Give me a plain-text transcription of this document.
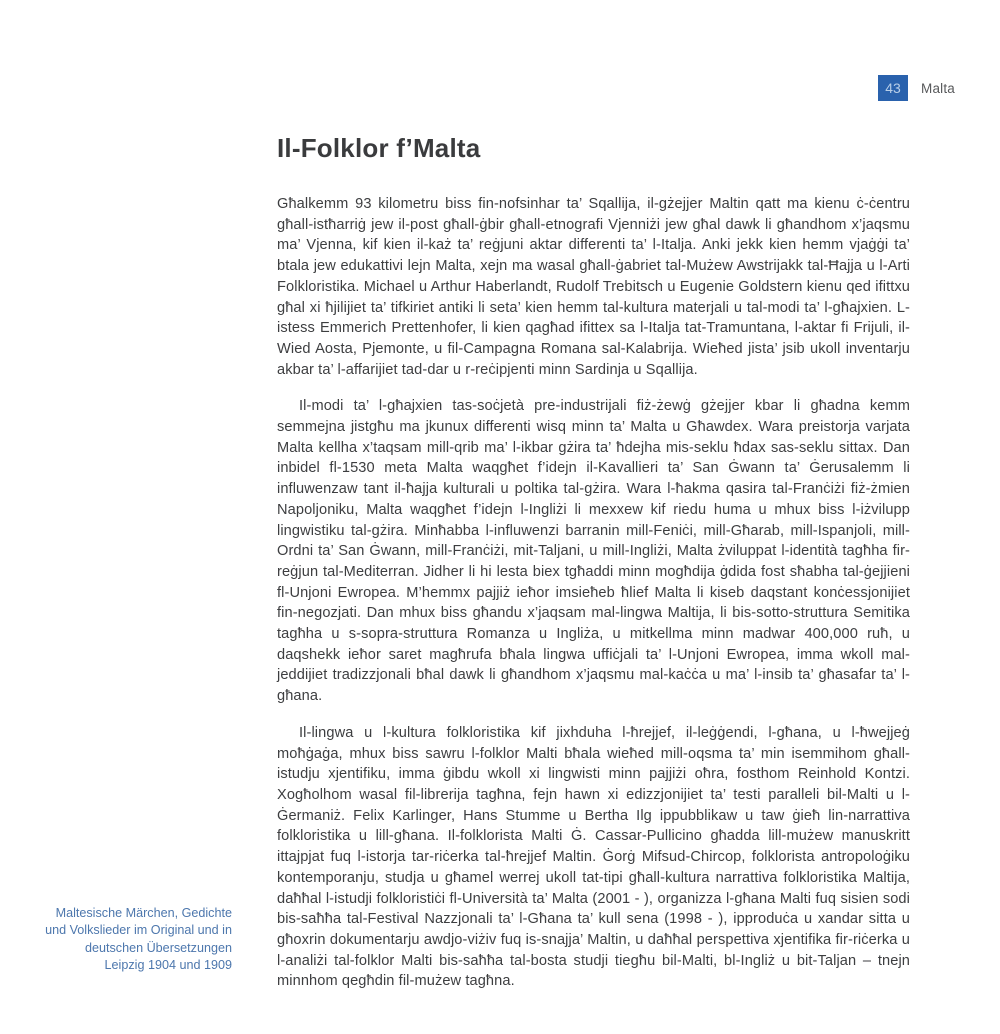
43 Malta
Il-Folklor f’Malta

Għalkemm 93 kilometru biss fin-nofsinhar ta’ Sqallija, il-gżejjer Maltin qatt ma kienu ċ-ċentru għall-istħarriġ jew il-post għall-ġbir għall-etnografi Vjenniżi jew għal dawk li għandhom x’jaqsmu ma’ Vjenna, kif kien il-każ ta’ reġjuni aktar differenti ta’ l-Italja. Anki jekk kien hemm vjaġġi ta’ btala jew edukattivi lejn Malta, xejn ma wasal għall-ġabriet tal-Mużew Awstrijakk tal-Ħajja u l-Arti Folkloristika. Michael u Arthur Haberlandt, Rudolf Trebitsch u Eugenie Goldstern kienu qed ifittxu għal xi ħjilijiet ta’ tifkiriet antiki li seta’ kien hemm tal-kultura materjali u tal-modi ta’ l-għajxien. L-istess Emmerich Prettenhofer, li kien qagħad ifittex sa l-Italja tat-Tramuntana, l-aktar fi Frijuli, il-Wied Aosta, Pjemonte, u fil-Campagna Romana sal-Kalabrija. Wieħed jista’ jsib ukoll inventarju akbar ta’ l-affarijiet tad-dar u r-reċipjenti minn Sardinja u Sqallija.

Il-modi ta’ l-għajxien tas-soċjetà pre-industrijali fiż-żewġ gżejjer kbar li għadna kemm semmejna jistgħu ma jkunux differenti wisq minn ta’ Malta u Għawdex. Wara preistorja varjata Malta kellha x’taqsam mill-qrib ma’ l-ikbar gżira ta’ ħdejha mis-seklu ħdax sas-seklu sittax. Dan inbidel fl-1530 meta Malta waqgħet f’idejn il-Kavallieri ta’ San Ġwann ta’ Ġerusalemm li influwenzaw tant il-ħajja kulturali u poltika tal-gżira. Wara l-ħakma qasira tal-Franċiżi fiż-żmien Napoljoniku, Malta waqgħet f’idejn l-Ingliżi li mexxew kif riedu huma u mhux biss l-iżvilupp lingwistiku tal-gżira. Minħabba l-influwenzi barranin mill-Feniċi, mill-Għarab, mill-Ispanjoli, mill-Ordni ta’ San Ġwann, mill-Franċiżi, mit-Taljani, u mill-Ingliżi, Malta żviluppat l-identità tagħha fir-reġjun tal-Mediterran. Jidher li hi lesta biex tgħaddi minn mogħdija ġdida fost sħabha tal-ġejjieni fl-Unjoni Ewropea. M’hemmx pajjiż ieħor imsieħeb ħlief Malta li kiseb daqstant konċessjonijiet fin-negozjati. Dan mhux biss għandu x’jaqsam mal-lingwa Maltija, li bis-sotto-struttura Semitika tagħha u s-sopra-struttura Romanza u Ingliża, u mitkellma minn madwar 400,000 ruħ, u daqshekk ieħor saret magħrufa bħala lingwa uffiċjali ta’ l-Unjoni Ewropea, imma wkoll mal-jeddijiet tradizzjonali bħal dawk li għandhom x’jaqsmu mal-kaċċa u ma’ l-insib ta’ għasafar ta’ l-għana.

Il-lingwa u l-kultura folkloristika kif jixhduha l-ħrejjef, il-leġġendi, l-għana, u l-ħwejjeġ moħġaġa, mhux biss sawru l-folklor Malti bħala wieħed mill-oqsma ta’ min isemmihom għall-istudju xjentifiku, imma ġibdu wkoll xi lingwisti minn pajjiżi oħra, fosthom Reinhold Kontzi. Xogħolhom wasal fil-librerija tagħna, fejn hawn xi edizzjonijiet ta’ testi paralleli bil-Malti u l-Ġermaniż. Felix Karlinger, Hans Stumme u Bertha Ilg ippubblikaw u taw ġieħ lin-narrattiva folkloristika u lill-għana. Il-folklorista Malti Ġ. Cassar-Pullicino għadda lill-mużew manuskritt ittajpjat fuq l-istorja tar-riċerka tal-ħrejjef Maltin. Ġorġ Mifsud-Chircop, folklorista antropoloġiku kontemporanju, studja u għamel werrej ukoll tat-tipi għall-kultura narrattiva folkloristika Maltija, daħħal l-istudji folkloristiċi fl-Università ta’ Malta (2001 - ), organizza l-għana Malti fuq sisien sodi bis-saħħa tal-Festival Nazzjonali ta’ l-Għana ta’ kull sena (1998 - ), ipproduċa u xandar sitta u għoxrin dokumentarju awdjo-viżiv fuq is-snajja’ Maltin, u daħħal perspettiva xjentifika fir-riċerka u l-analiżi tal-folklor Malti bis-saħħa tal-bosta studji tiegħu bil-Malti, bl-Ingliż u bit-Taljan – tnejn minnhom qegħdin fil-mużew tagħna.

Maltesische Märchen, Gedichte
und Volkslieder im Original und in
deutschen Übersetzungen
Leipzig 1904 und 1909
